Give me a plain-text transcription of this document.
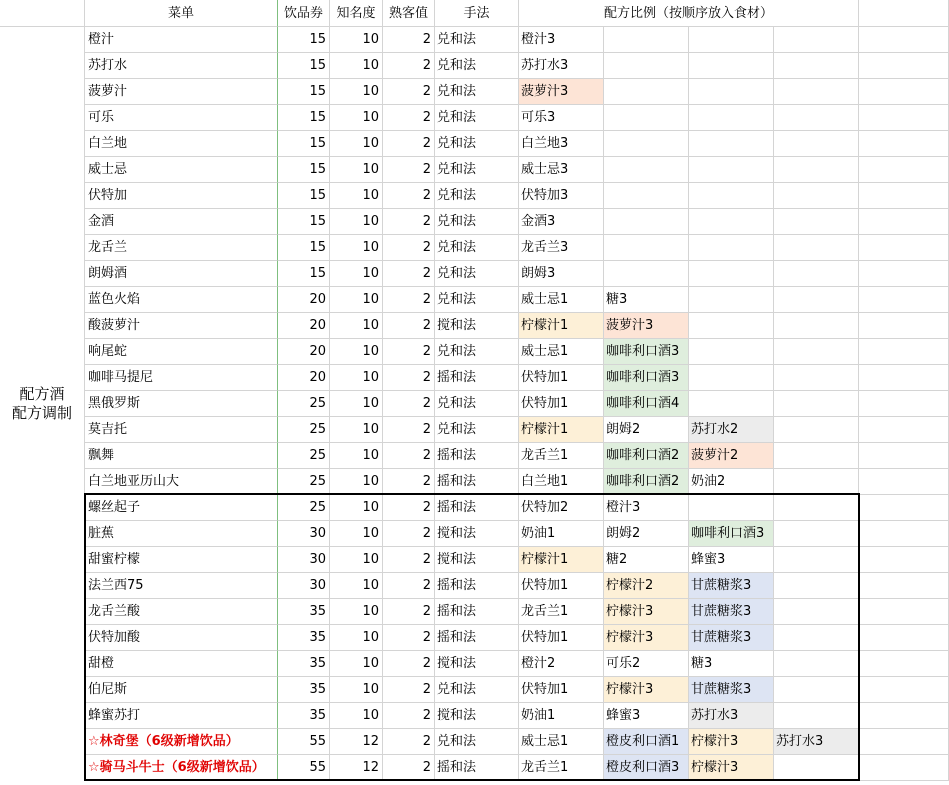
菜单	饮品券	知名度	熟客值	手法	配方比例（按顺序放入食材）
配方酒
配方调制
橙汁	15	10	2 兑和法	橙汁3
苏打水	15	10	2 兑和法	苏打水3
菠萝汁	15	10	2 兑和法	菠萝汁3
可乐	15	10	2 兑和法	可乐3
白兰地	15	10	2 兑和法	白兰地3
威士忌	15	10	2 兑和法	威士忌3
伏特加	15	10	2 兑和法	伏特加3
金酒	15	10	2 兑和法	金酒3
龙舌兰	15	10	2 兑和法	龙舌兰3
朗姆酒	15	10	2 兑和法	朗姆3
蓝色火焰	20	10	2 兑和法	威士忌1	糖3
酸菠萝汁	20	10	2 搅和法	柠檬汁1	菠萝汁3
响尾蛇	20	10	2 兑和法	威士忌1	咖啡利口酒3
咖啡马提尼	20	10	2 摇和法	伏特加1	咖啡利口酒3
黑俄罗斯	25	10	2 兑和法	伏特加1	咖啡利口酒4
莫吉托	25	10	2 兑和法	柠檬汁1	朗姆2	苏打水2
飘舞	25	10	2 摇和法	龙舌兰1	咖啡利口酒2 菠萝汁2
白兰地亚历山大	25	10	2 摇和法	白兰地1	咖啡利口酒2 奶油2
螺丝起子	25	10	2 摇和法	伏特加2	橙汁3
脏蕉	30	10	2 搅和法	奶油1	朗姆2	咖啡利口酒3
甜蜜柠檬	30	10	2 搅和法	柠檬汁1	糖2	蜂蜜3
法兰西75	30	10	2 摇和法	伏特加1	柠檬汁2	甘蔗糖浆3
龙舌兰酸	35	10	2 摇和法	龙舌兰1	柠檬汁3	甘蔗糖浆3
伏特加酸	35	10	2 摇和法	伏特加1	柠檬汁3	甘蔗糖浆3
甜橙	35	10	2 搅和法	橙汁2	可乐2	糖3
伯尼斯	35	10	2 兑和法	伏特加1	柠檬汁3	甘蔗糖浆3
蜂蜜苏打	35	10	2 搅和法	奶油1	蜂蜜3	苏打水3
☆林奇堡（6级新增饮品）	55	12	2 兑和法	威士忌1	橙皮利口酒1 柠檬汁3	苏打水3
☆骑马斗牛士（6级新增饮品）	55	12	2 摇和法	龙舌兰1	橙皮利口酒3 柠檬汁3
